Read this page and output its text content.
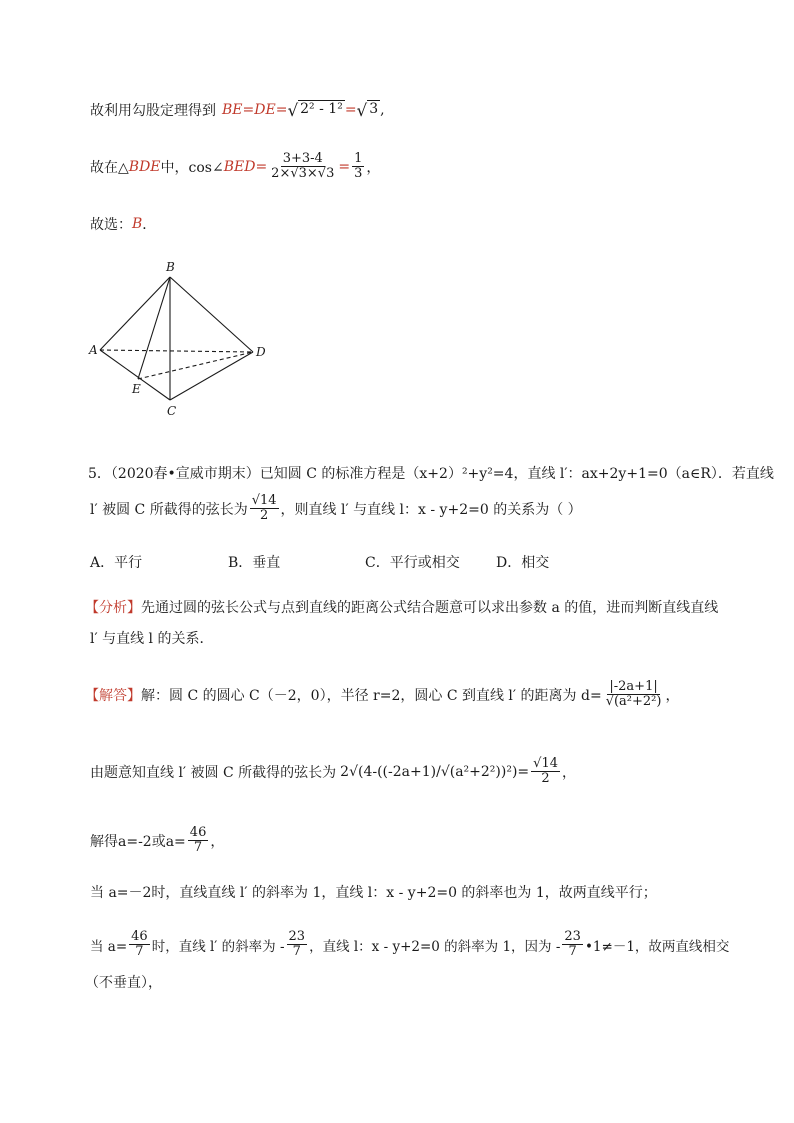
故利用勾股定理得到 BE = DE = √ 2² - 1² = √ 3 ,
故在△ BDE 中，cos∠ BED = $\frac{3+3-4}{2\times√3\times√3} = \frac{1}{3}$ ，
故选： B ．
B
A	D
E
C
5．（2020春•宣威市期末）已知圆 C 的标准方程是（x+2）²+y²=4，直线 l′：ax+2y+1=0（a∈R）．若直线
l′ 被圆 C 所截得的弦长为 $\frac{√14}{2}$ ，则直线 l′ 与直线 l：x - y+2=0 的关系为（ ）
A．平行	B．垂直	C．平行或相交	D．相交
【分析】 先通过圆的弦长公式与点到直线的距离公式结合题意可以求出参数 a 的值，进而判断直线直线
l′ 与直线 l 的关系．
【解答】 解：圆 C 的圆心 C（－2，0），半径 r=2，圆心 C 到直线 l′ 的距离为 $d= \frac{|-2a+1|}{\text{√(a²+2²)}}$ ，
由题意知直线 l′ 被圆 C 所截得的弦长为 $2√(4-((-2a+1)/√(a^2+2^2))^2) = \frac{√14}{2}$ ，
解得a=-2或$a= \frac{46}{7}$ ，
当 a=－2时，直线直线 l′ 的斜率为 1，直线 l：x - y+2=0 的斜率也为 1，故两直线平行；
当 $a= \frac{46}{7}$ 时，直线 l′ 的斜率为 - $\frac{23}{7}$ ，直线 l：x - y+2=0 的斜率为 1，因为 - $\frac{23}{7}$ •1≠－1，故两直线相交
（不垂直），
